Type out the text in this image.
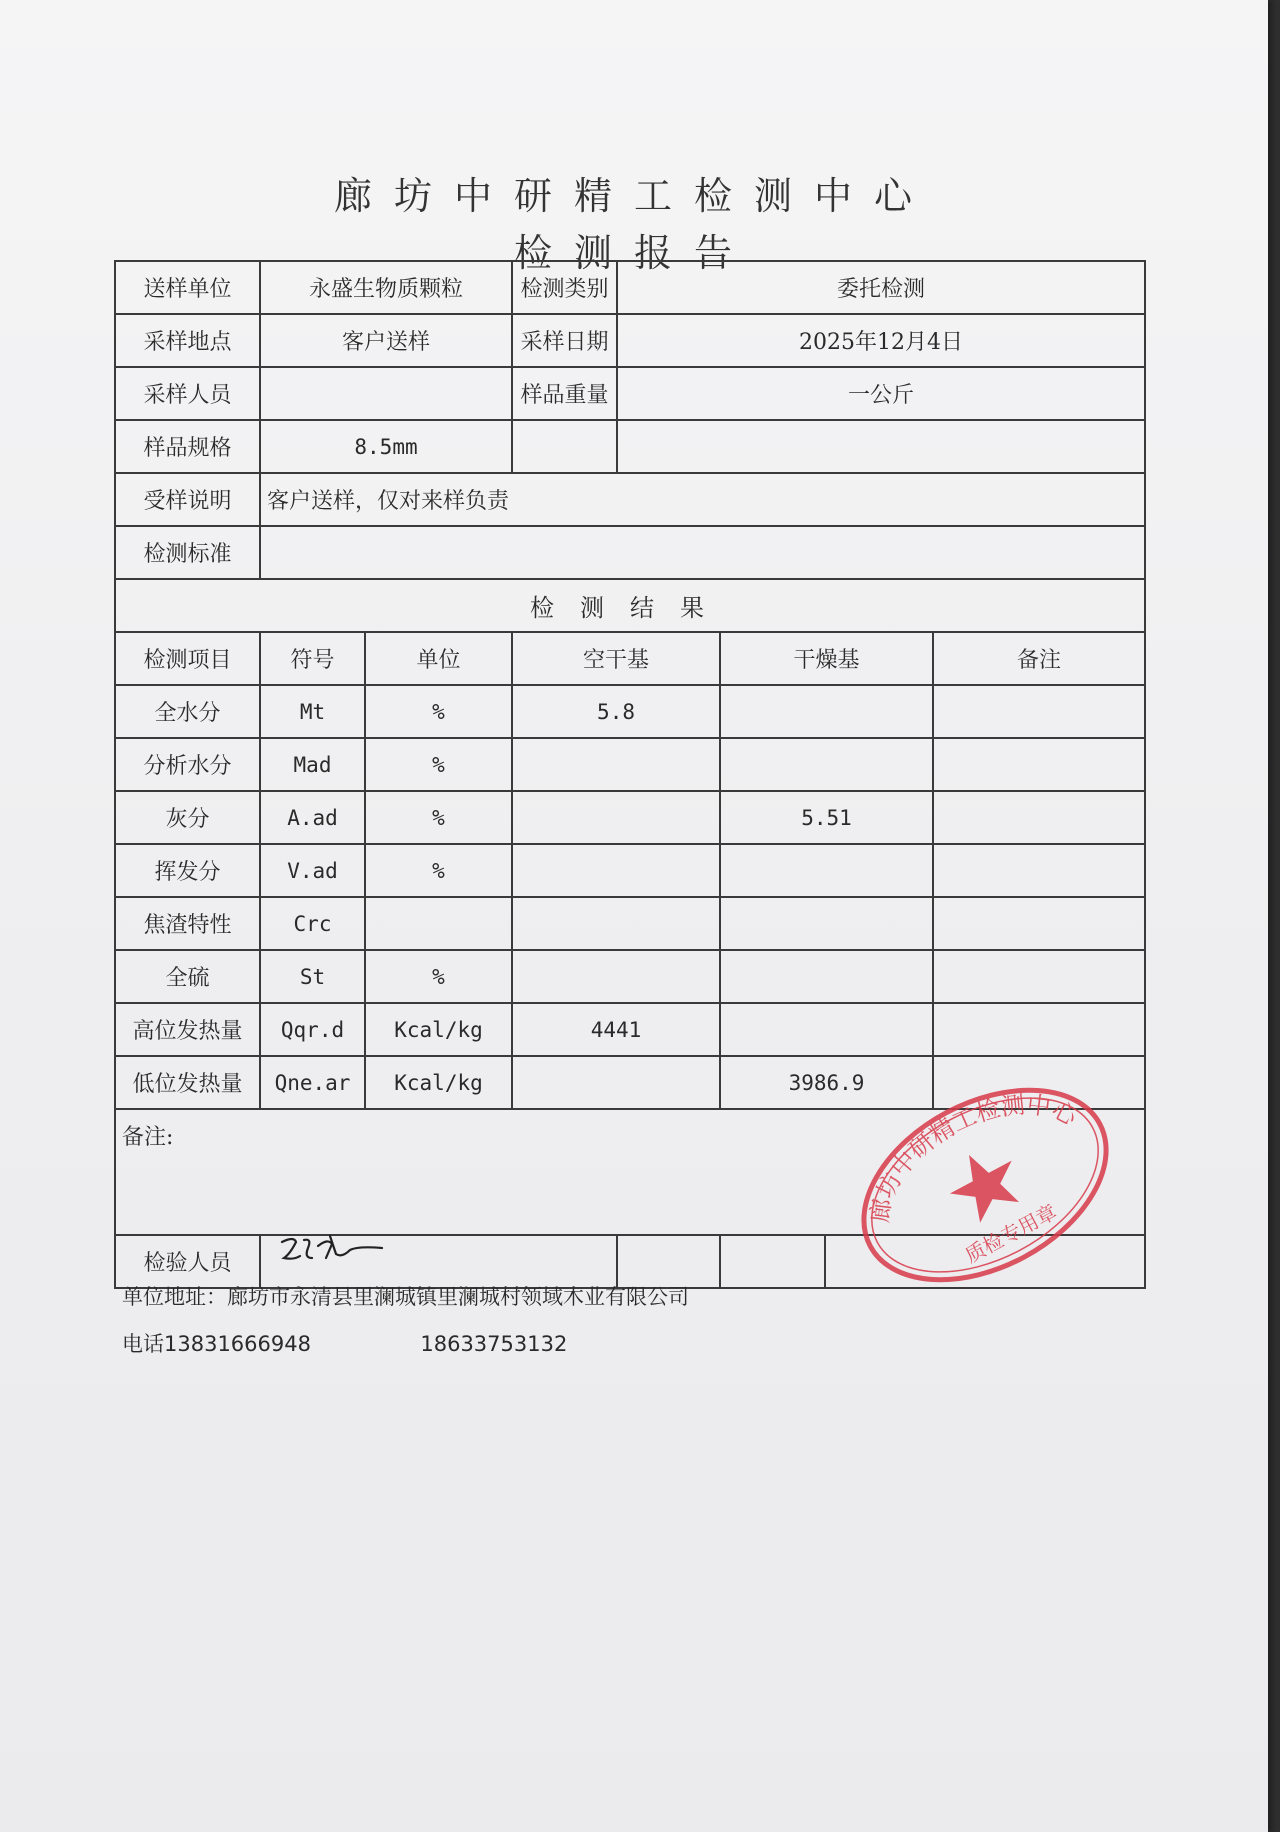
廊坊中研精工检测中心
检测报告
送样单位	永盛生物质颗粒		检测类别	委托检测			
采样地点	客户送样		采样日期	2025年12月4日			
采样人员			样品重量	一公斤			
样品规格	8.5mm						
受样说明	客户送样，仅对来样负责						
检测标准							
检测结果							
检测项目	符号	单位	空干基		干燥基		备注
全水分	Mt	%	5.8				
分析水分	Mad	%					
灰分	A.ad	%			5.51		
挥发分	V.ad	%					
焦渣特性	Crc						
全硫	St	%					
高位发热量	Qqr.d	Kcal/kg	4441				
低位发热量	Qne.ar	Kcal/kg			3986.9		
备注:							
检验人员							
单位地址：廊坊市永清县里澜城镇里澜城村领域木业有限公司
电话13831666948	18633753132
廊坊中研精工检测中心
质检专用章
